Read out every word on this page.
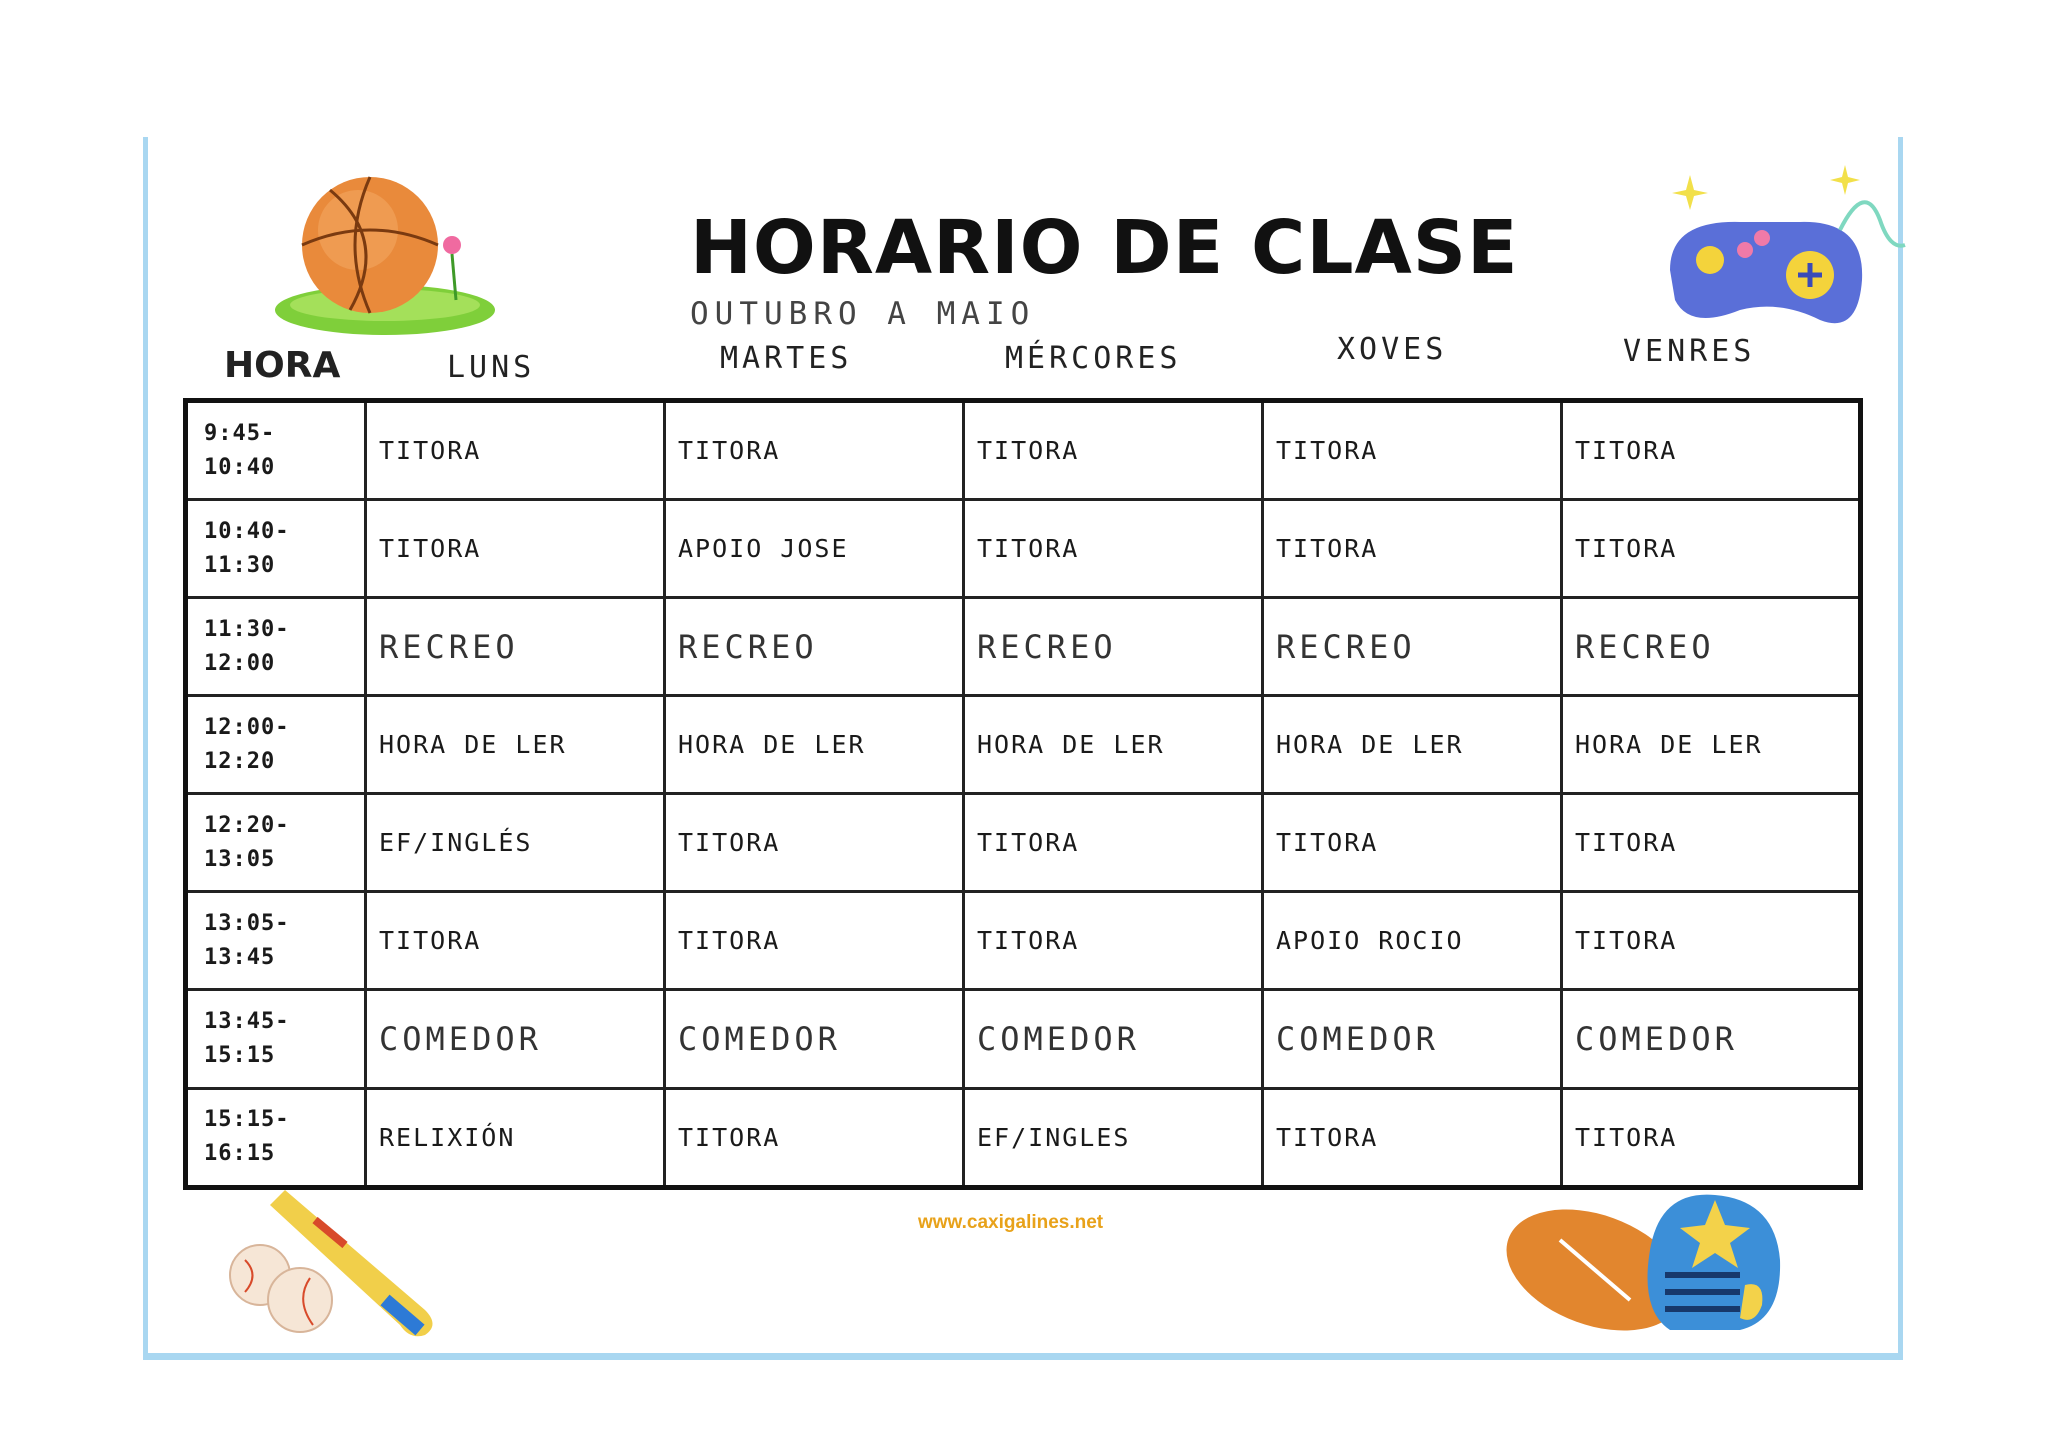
HORARIO DE CLASE
OUTUBRO A MAIO
HORA	LUNS	MARTES	MÉRCORES	XOVES	VENRES
9:45-
10:40	TITORA	TITORA	TITORA	TITORA	TITORA

10:40-
11:30	TITORA	APOIO JOSE	TITORA	TITORA	TITORA

11:30-
12:00	RECREO	RECREO	RECREO	RECREO	RECREO

12:00-
12:20	HORA DE LER	HORA DE LER	HORA DE LER	HORA DE LER	HORA DE LER

12:20-
13:05	EF/INGLÉS	TITORA	TITORA	TITORA	TITORA

13:05-
13:45	TITORA	TITORA	TITORA	APOIO ROCIO	TITORA

13:45-
15:15	COMEDOR	COMEDOR	COMEDOR	COMEDOR	COMEDOR

15:15-
16:15	RELIXIÓN	TITORA	EF/INGLES	TITORA	TITORA
www.caxigalines.net
